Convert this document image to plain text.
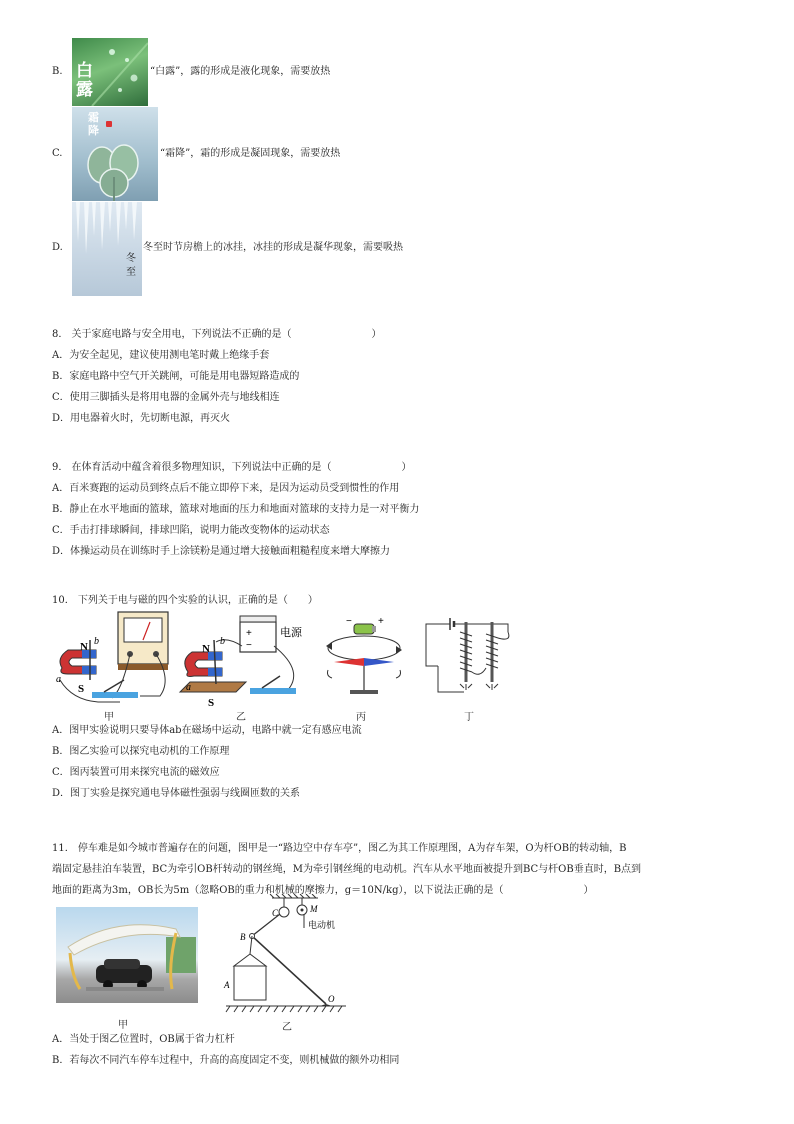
B. 白
露
“白露”，露的形成是液化现象，需要放热
C.
霜
降
“霜降”，霜的形成是凝固现象，需要放热
D.
冬
至
冬至时节房檐上的冰挂，冰挂的形成是凝华现象，需要吸热
8． 关于家庭电路与安全用电，下列说法不正确的是（　　　　　　　　）
A．为安全起见，建议使用测电笔时戴上绝缘手套
B．家庭电路中空气开关跳闸，可能是用电器短路造成的
C．使用三脚插头是将用电器的金属外壳与地线相连
D．用电器着火时，先切断电源，再灭火
9． 在体育活动中蕴含着很多物理知识，下列说法中正确的是（　　　　　　　）
A．百米赛跑的运动员到终点后不能立即停下来，是因为运动员受到惯性的作用
B．静止在水平地面的篮球，篮球对地面的压力和地面对篮球的支持力是一对平衡力
C．手击打排球瞬间，排球凹陷，说明力能改变物体的运动状态
D．体操运动员在训练时手上涂镁粉是通过增大接触面粗糙程度来增大摩擦力
10． 下列关于电与磁的四个实验的认识，正确的是（　　）
N b
a
S
甲
N
b
a
S
电源
+
−
乙
−	+
丙	丁
A．图甲实验说明只要导体ab在磁场中运动，电路中就一定有感应电流
B．图乙实验可以探究电动机的工作原理
C．图丙装置可用来探究电流的磁效应
D．图丁实验是探究通电导体磁性强弱与线圈匝数的关系
11． 停车难是如今城市普遍存在的问题，图甲是一“路边空中存车亭”，图乙为其工作原理图，A为存车架，O为杆OB的转动轴，B
端固定悬挂泊车装置，BC为牵引OB杆转动的钢丝绳，M为牵引钢丝绳的电动机。汽车从水平地面被提升到BC与杆OB垂直时，B点到
地面的距离为3m，OB长为5m（忽略OB的重力和机械的摩擦力，g＝10N/kg），以下说法正确的是（　　　　　　　　）
甲
C	M
电动机
B
A
O
乙
A．当处于图乙位置时，OB属于省力杠杆
B．若每次不同汽车停车过程中，升高的高度固定不变，则机械做的额外功相同
